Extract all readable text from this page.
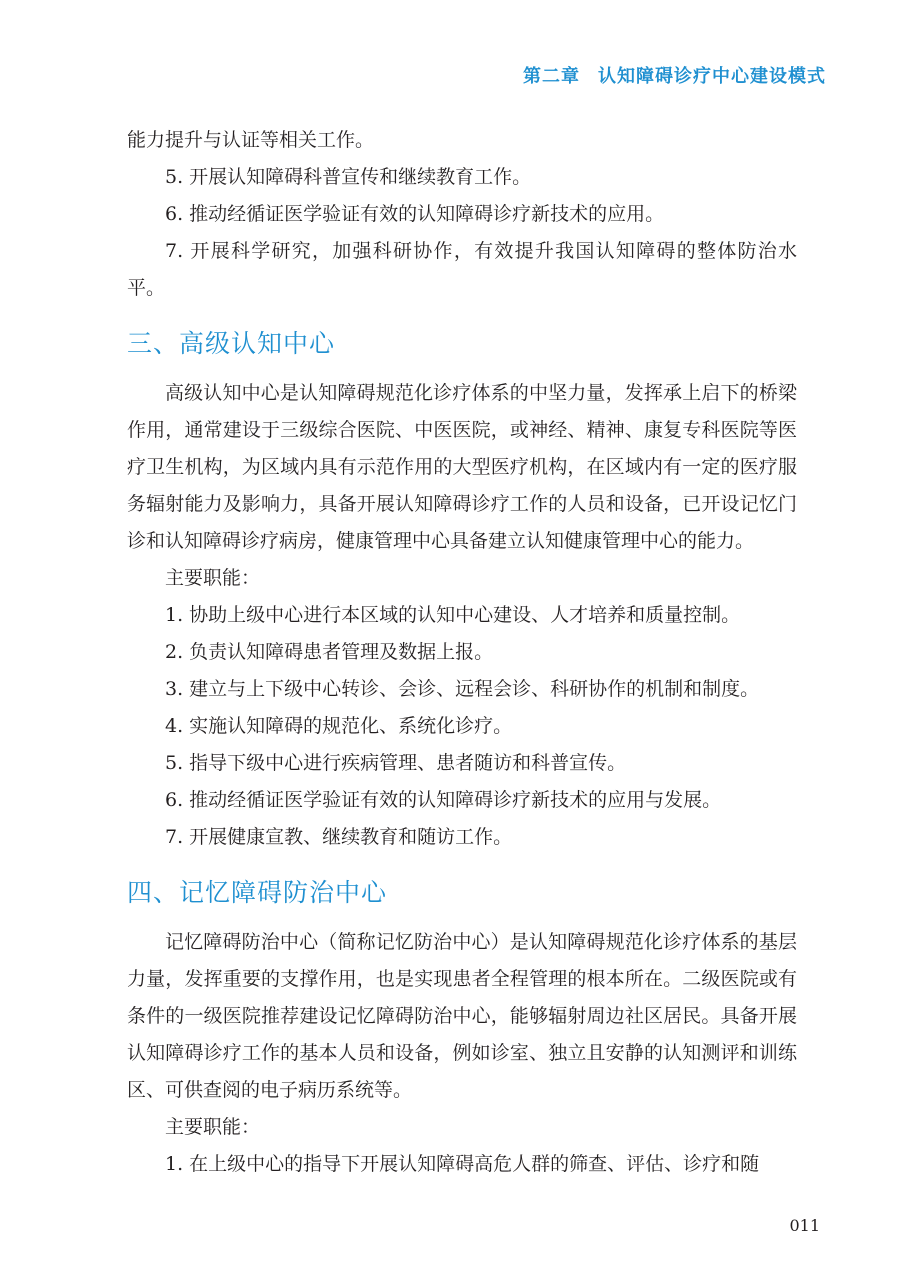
第二章 认知障碍诊疗中心建设模式

能力提升与认证等相关工作。

5. 开展认知障碍科普宣传和继续教育工作。

6. 推动经循证医学验证有效的认知障碍诊疗新技术的应用。

7. 开展科学研究，加强科研协作，有效提升我国认知障碍的整体防治水平。

三、高级认知中心

高级认知中心是认知障碍规范化诊疗体系的中坚力量，发挥承上启下的桥梁作用，通常建设于三级综合医院、中医医院，或神经、精神、康复专科医院等医疗卫生机构，为区域内具有示范作用的大型医疗机构，在区域内有一定的医疗服务辐射能力及影响力，具备开展认知障碍诊疗工作的人员和设备，已开设记忆门诊和认知障碍诊疗病房，健康管理中心具备建立认知健康管理中心的能力。

主要职能：

1. 协助上级中心进行本区域的认知中心建设、人才培养和质量控制。

2. 负责认知障碍患者管理及数据上报。

3. 建立与上下级中心转诊、会诊、远程会诊、科研协作的机制和制度。

4. 实施认知障碍的规范化、系统化诊疗。

5. 指导下级中心进行疾病管理、患者随访和科普宣传。

6. 推动经循证医学验证有效的认知障碍诊疗新技术的应用与发展。

7. 开展健康宣教、继续教育和随访工作。

四、记忆障碍防治中心

记忆障碍防治中心（简称记忆防治中心）是认知障碍规范化诊疗体系的基层力量，发挥重要的支撑作用，也是实现患者全程管理的根本所在。二级医院或有条件的一级医院推荐建设记忆障碍防治中心，能够辐射周边社区居民。具备开展认知障碍诊疗工作的基本人员和设备，例如诊室、独立且安静的认知测评和训练区、可供查阅的电子病历系统等。

主要职能：

1. 在上级中心的指导下开展认知障碍高危人群的筛查、评估、诊疗和随

011
